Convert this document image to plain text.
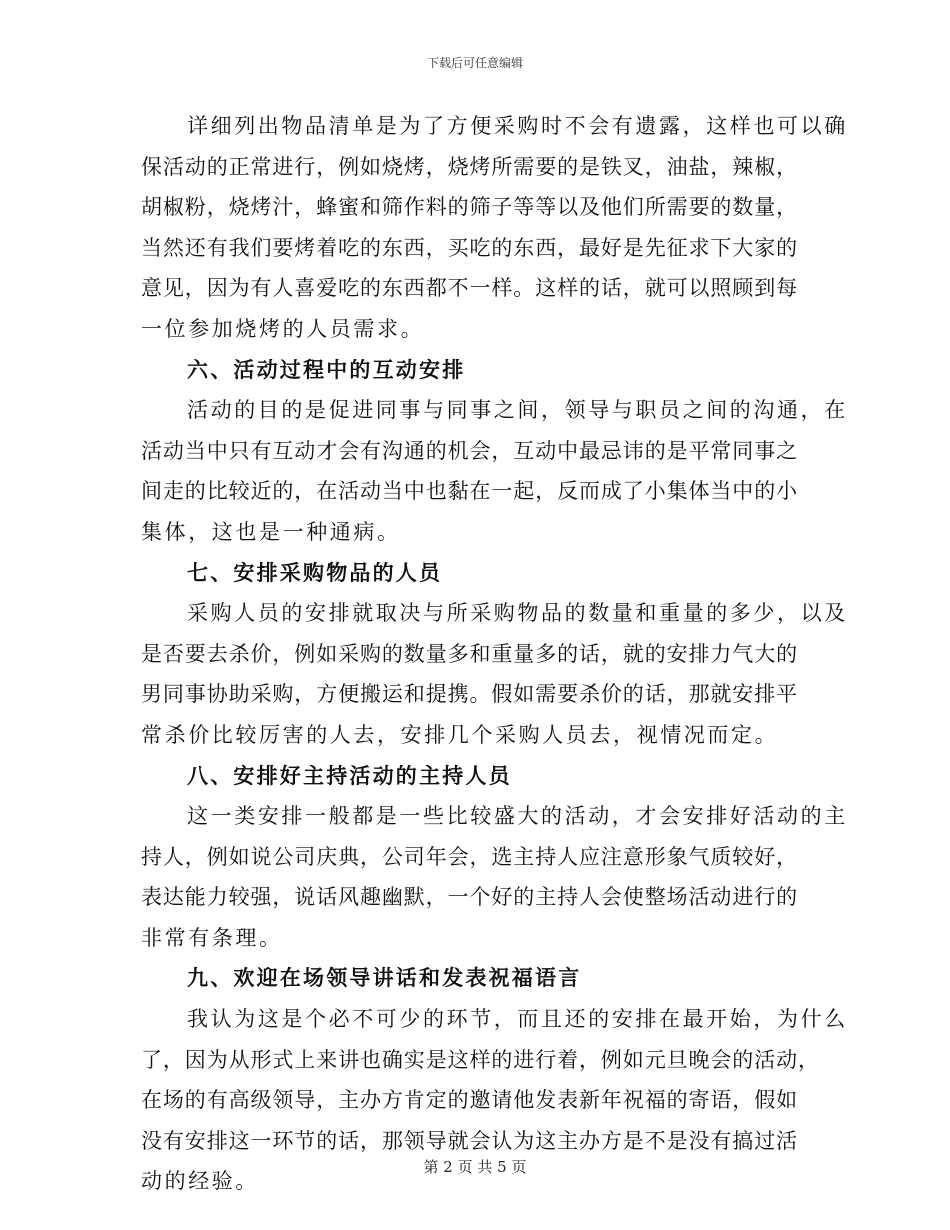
下载后可任意编辑
详细列出物品清单是为了方便采购时不会有遗露，这样也可以确
保活动的正常进行，例如烧烤，烧烤所需要的是铁叉，油盐，辣椒，
胡椒粉，烧烤汁，蜂蜜和筛作料的筛子等等以及他们所需要的数量，
当然还有我们要烤着吃的东西，买吃的东西，最好是先征求下大家的
意见，因为有人喜爱吃的东西都不一样。这样的话，就可以照顾到每
一位参加烧烤的人员需求。
六、活动过程中的互动安排
活动的目的是促进同事与同事之间，领导与职员之间的沟通，在
活动当中只有互动才会有沟通的机会，互动中最忌讳的是平常同事之
间走的比较近的，在活动当中也黏在一起，反而成了小集体当中的小
集体，这也是一种通病。
七、安排采购物品的人员
采购人员的安排就取决与所采购物品的数量和重量的多少，以及
是否要去杀价，例如采购的数量多和重量多的话，就的安排力气大的
男同事协助采购，方便搬运和提携。假如需要杀价的话，那就安排平
常杀价比较厉害的人去，安排几个采购人员去，视情况而定。
八、安排好主持活动的主持人员
这一类安排一般都是一些比较盛大的活动，才会安排好活动的主
持人，例如说公司庆典，公司年会，选主持人应注意形象气质较好，
表达能力较强，说话风趣幽默，一个好的主持人会使整场活动进行的
非常有条理。
九、欢迎在场领导讲话和发表祝福语言
我认为这是个必不可少的环节，而且还的安排在最开始，为什么
了，因为从形式上来讲也确实是这样的进行着，例如元旦晚会的活动，
在场的有高级领导，主办方肯定的邀请他发表新年祝福的寄语，假如
没有安排这一环节的话，那领导就会认为这主办方是不是没有搞过活
动的经验。
第 2 页 共 5 页
